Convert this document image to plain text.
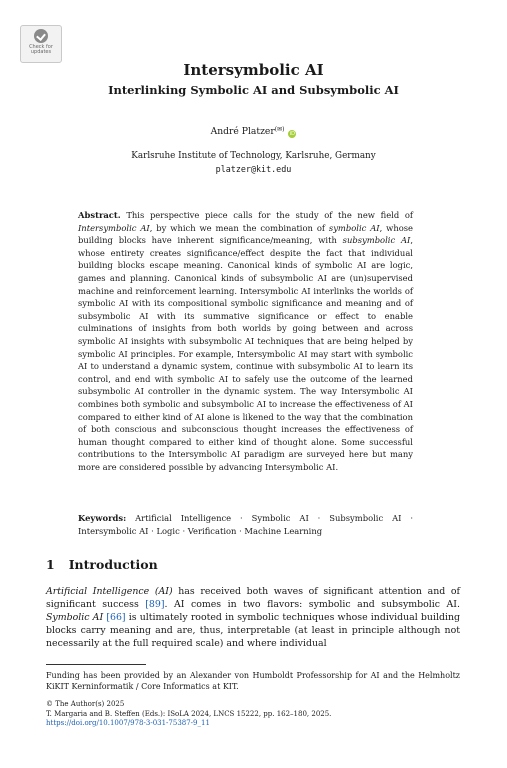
Check for
updates
Intersymbolic AI
Interlinking Symbolic AI and Subsymbolic AI
André Platzer(✉) iD
Karlsruhe Institute of Technology, Karlsruhe, Germany
platzer@kit.edu
Abstract. This perspective piece calls for the study of the new field of Intersymbolic AI, by which we mean the combination of symbolic AI, whose building blocks have inherent significance/meaning, with subsymbolic AI, whose entirety creates significance/effect despite the fact that individual building blocks escape meaning. Canonical kinds of symbolic AI are logic, games and planning. Canonical kinds of subsymbolic AI are (un)supervised machine and reinforcement learning. Intersymbolic AI interlinks the worlds of symbolic AI with its compositional symbolic significance and meaning and of subsymbolic AI with its summative significance or effect to enable culminations of insights from both worlds by going between and across symbolic AI insights with subsymbolic AI techniques that are being helped by symbolic AI principles. For example, Intersymbolic AI may start with symbolic AI to understand a dynamic system, continue with subsymbolic AI to learn its control, and end with symbolic AI to safely use the outcome of the learned subsymbolic AI controller in the dynamic system. The way Intersymbolic AI combines both symbolic and subsymbolic AI to increase the effectiveness of AI compared to either kind of AI alone is likened to the way that the combination of both conscious and subconscious thought increases the effectiveness of human thought compared to either kind of thought alone. Some successful contributions to the Intersymbolic AI paradigm are surveyed here but many more are considered possible by advancing Intersymbolic AI.
Keywords: Artificial Intelligence · Symbolic AI · Subsymbolic AI · Intersymbolic AI · Logic · Verification · Machine Learning
1 Introduction
Artificial Intelligence (AI) has received both waves of significant attention and of significant success [89]. AI comes in two flavors: symbolic and subsymbolic AI. Symbolic AI [66] is ultimately rooted in symbolic techniques whose individual building blocks carry meaning and are, thus, interpretable (at least in principle although not necessarily at the full required scale) and where individual
Funding has been provided by an Alexander von Humboldt Professorship for AI and the Helmholtz KiKIT Kerninformatik / Core Informatics at KIT.
© The Author(s) 2025
T. Margaria and B. Steffen (Eds.): ISoLA 2024, LNCS 15222, pp. 162–180, 2025.
https://doi.org/10.1007/978-3-031-75387-9_11
